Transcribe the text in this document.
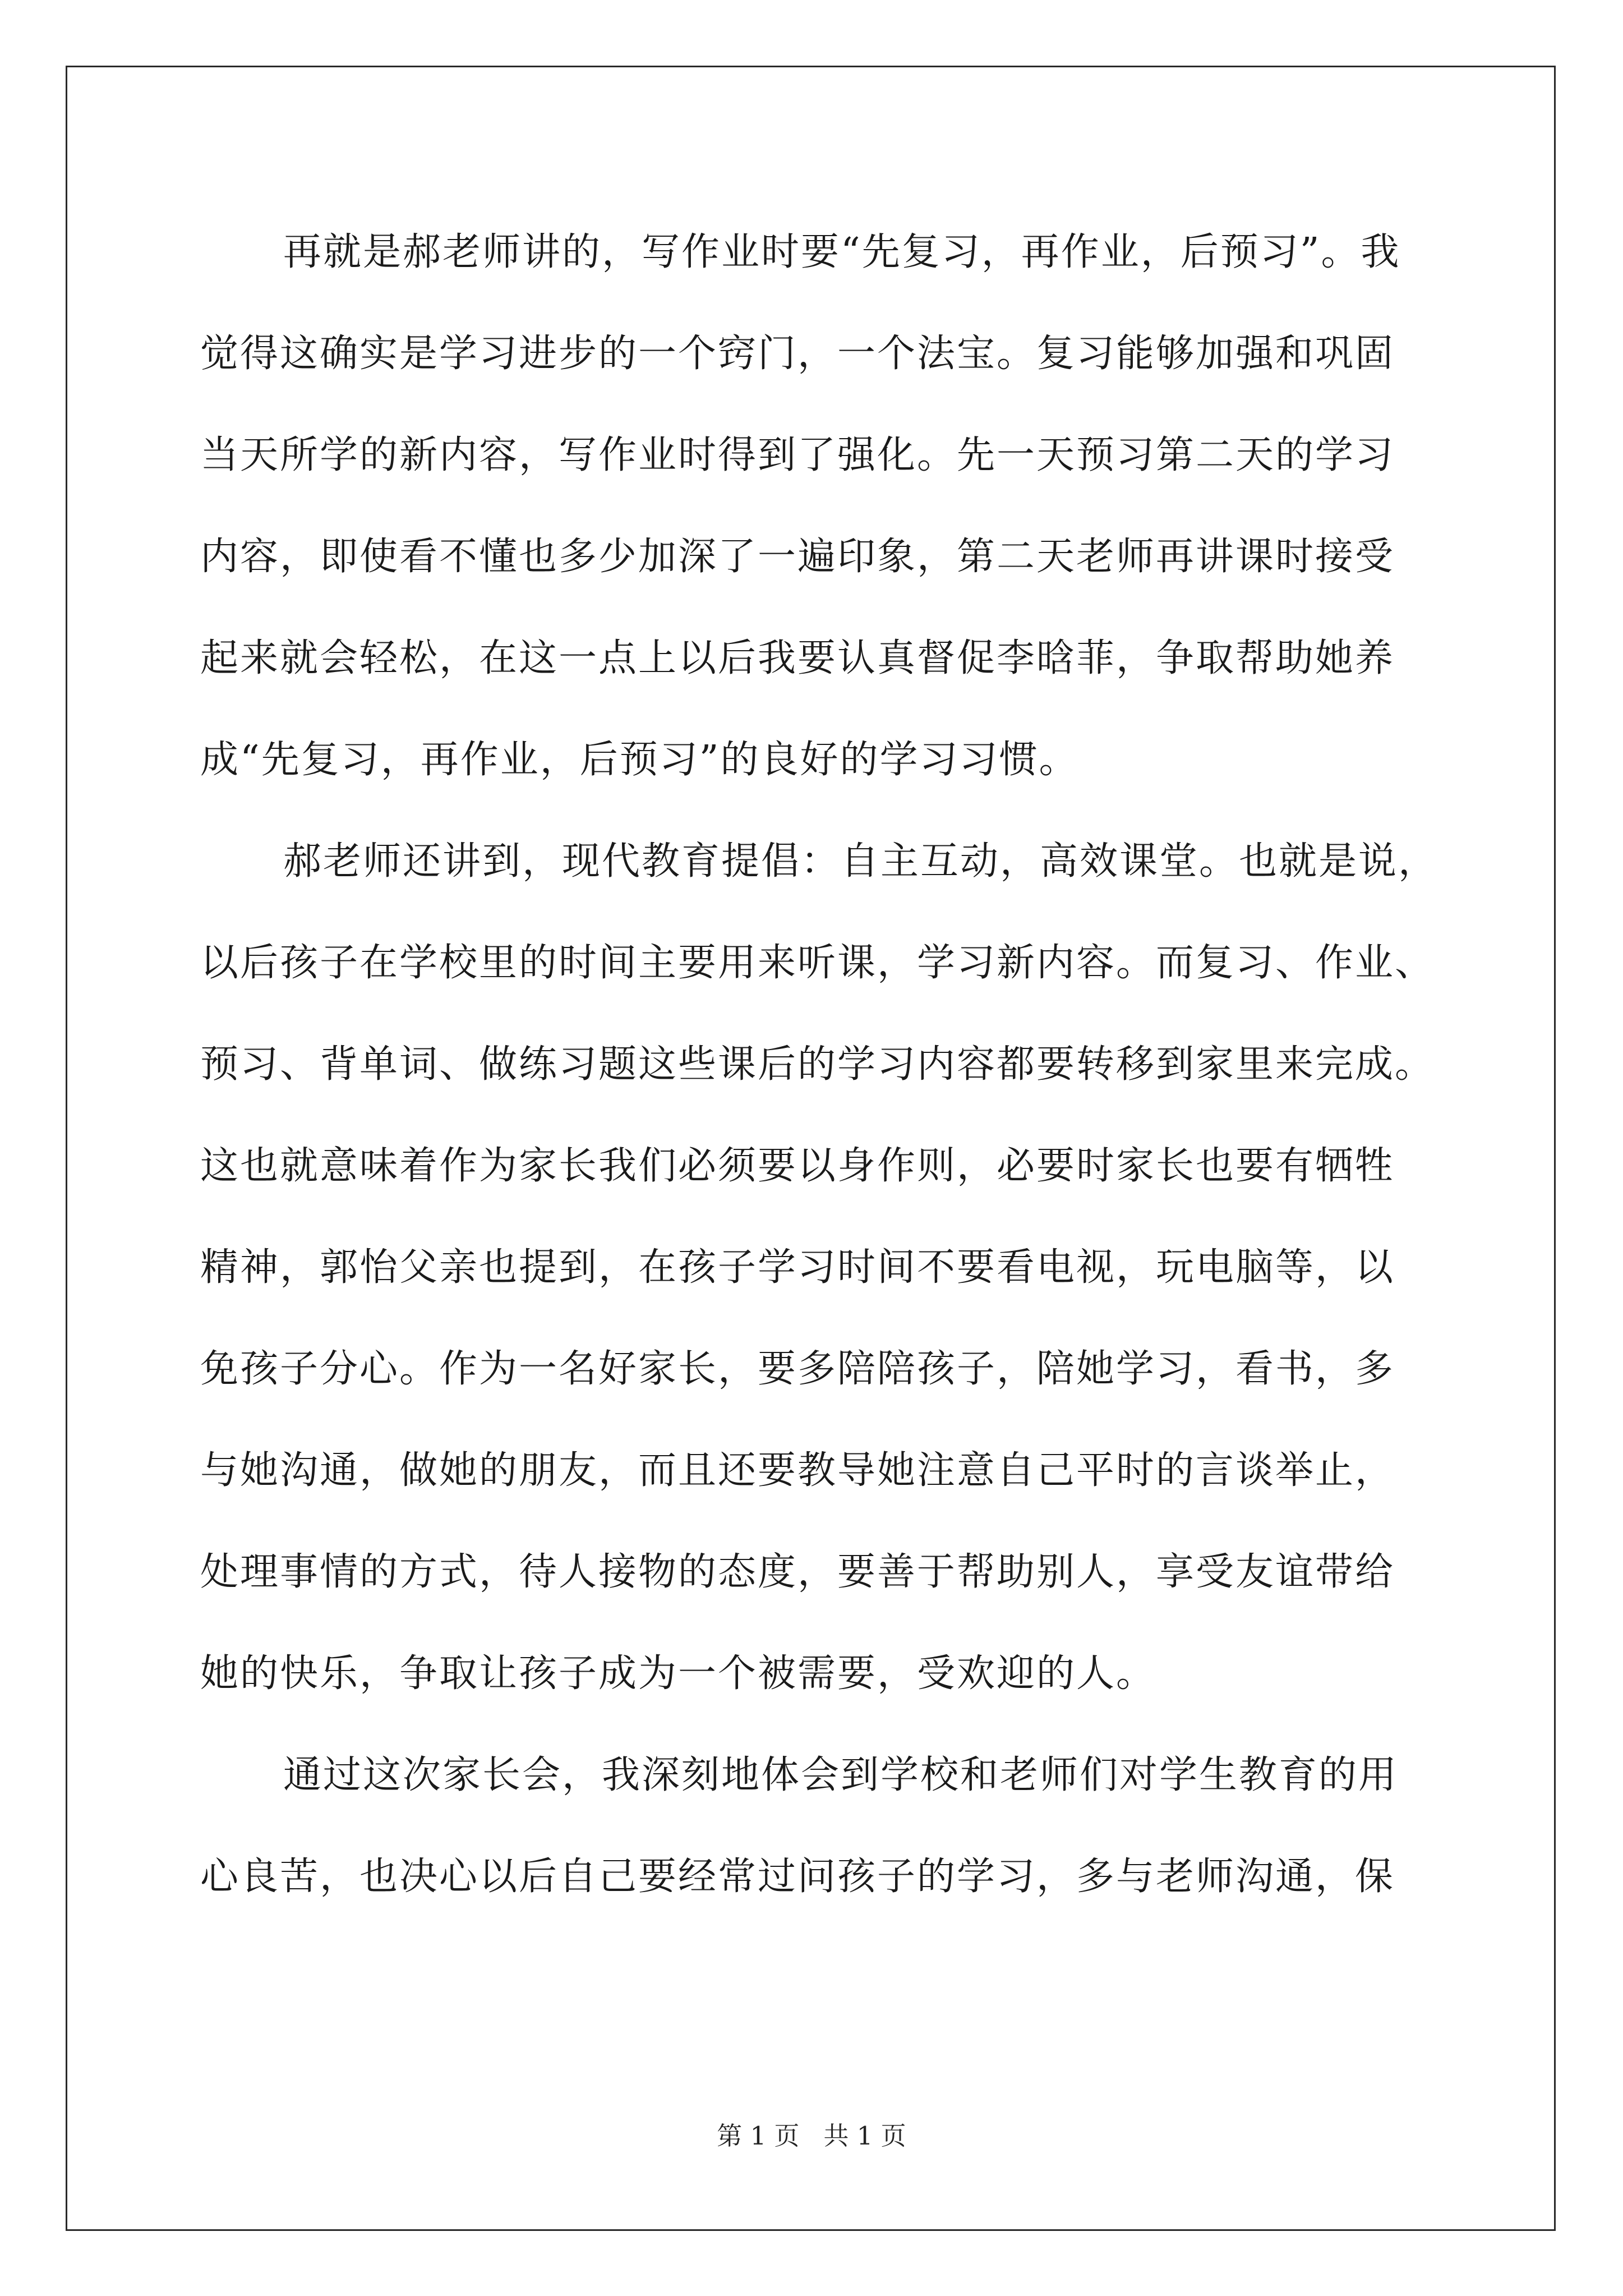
再就是郝老师讲的，写作业时要“先复习，再作业，后预习”。我
觉得这确实是学习进步的一个窍门，一个法宝。复习能够加强和巩固
当天所学的新内容，写作业时得到了强化。先一天预习第二天的学习
内容，即使看不懂也多少加深了一遍印象，第二天老师再讲课时接受
起来就会轻松，在这一点上以后我要认真督促李晗菲，争取帮助她养
成“先复习，再作业，后预习”的良好的学习习惯。
郝老师还讲到，现代教育提倡：自主互动，高效课堂。也就是说，
以后孩子在学校里的时间主要用来听课，学习新内容。而复习、作业、
预习、背单词、做练习题这些课后的学习内容都要转移到家里来完成。
这也就意味着作为家长我们必须要以身作则，必要时家长也要有牺牲
精神，郭怡父亲也提到，在孩子学习时间不要看电视，玩电脑等，以
免孩子分心。作为一名好家长，要多陪陪孩子，陪她学习，看书，多
与她沟通，做她的朋友，而且还要教导她注意自己平时的言谈举止，
处理事情的方式，待人接物的态度，要善于帮助别人，享受友谊带给
她的快乐，争取让孩子成为一个被需要，受欢迎的人。
通过这次家长会，我深刻地体会到学校和老师们对学生教育的用
心良苦，也决心以后自己要经常过问孩子的学习，多与老师沟通，保
第 1 页   共 1 页
